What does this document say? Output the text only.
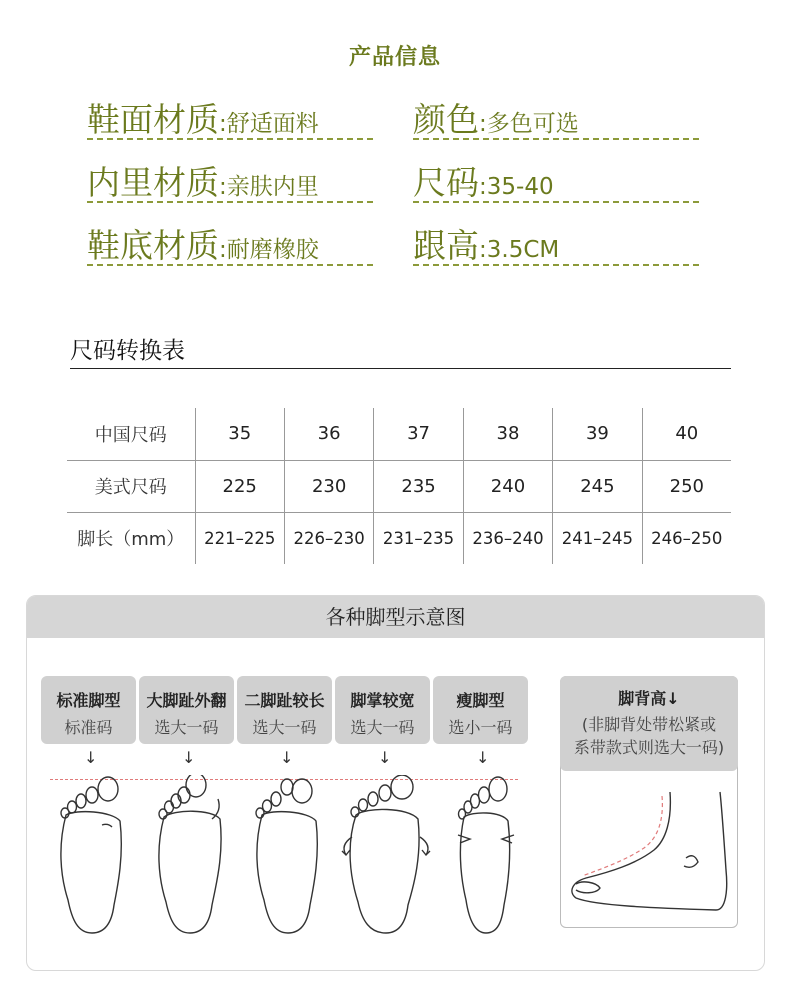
产品信息
鞋面材质:舒适面料	颜色:多色可选
内里材质:亲肤内里	尺码:35-40
鞋底材质:耐磨橡胶	跟高:3.5CM
尺码转换表
中国尺码	35	36	37	38	39	40
美式尺码	225	230	235	240	245	250
脚长（mm）	221–225	226–230	231–235	236–240	241–245	246–250
各种脚型示意图
标准脚型
标准码
大脚趾外翻
选大一码
二脚趾较长
选大一码
脚掌较宽
选大一码
瘦脚型
选小一码
↓	↓	↓	↓	↓
脚背高↓
(非脚背处带松紧或
系带款式则选大一码)
